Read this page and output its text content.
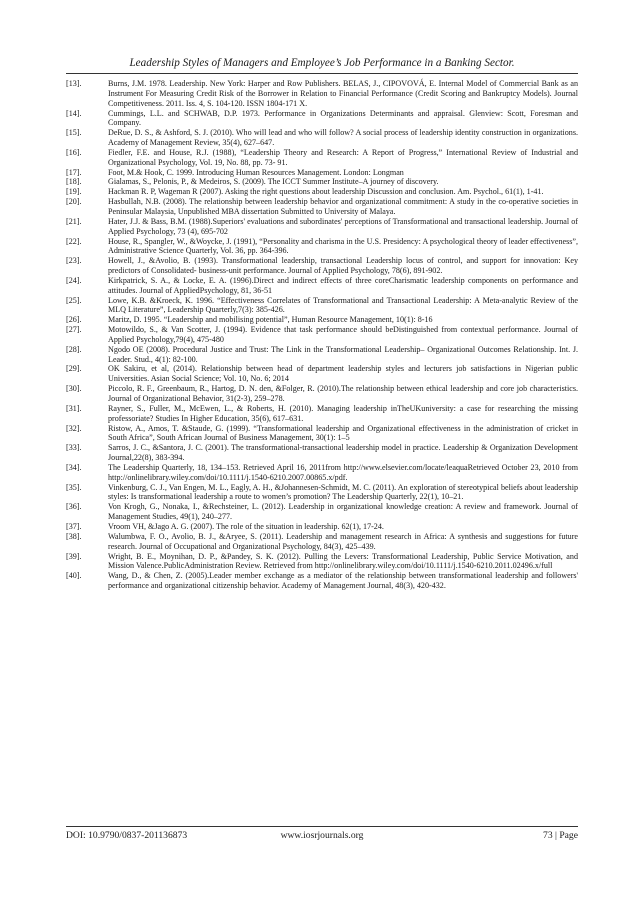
Leadership Styles of Managers and Employee’s Job Performance in a Banking Sector.
[13].	Burns, J.M. 1978. Leadership. New York: Harper and Row Publishers. BELAS, J., CIPOVOVÁ, E. Internal Model of Commercial Bank as an Instrument For Measuring Credit Risk of the Borrower in Relation to Financial Performance (Credit Scoring and Bankruptcy Models). Journal Competitiveness. 2011. Iss. 4, S. 104-120. ISSN 1804-171 X.
[14].	Cummings, L.L. and SCHWAB, D.P. 1973. Performance in Organizations Determinants and appraisal. Glenview: Scott, Foresman and Company.
[15].	DeRue, D. S., & Ashford, S. J. (2010). Who will lead and who will follow? A social process of leadership identity construction in organizations. Academy of Management Review, 35(4), 627–647.
[16].	Fiedler, F.E. and House, R.J. (1988), “Leadership Theory and Research: A Report of Progress,” International Review of Industrial and Organizational Psychology, Vol. 19, No. 88, pp. 73- 91.
[17].	Foot, M.& Hook, C. 1999. Introducing Human Resources Management. London: Longman
[18].	Gialamas, S., Pelonis, P., & Medeiros, S. (2009). The ICCT Summer Institute–A journey of discovery.
[19].	Hackman R. P, Wageman R (2007). Asking the right questions about leadership Discussion and conclusion. Am. Psychol., 61(1), 1-41.
[20].	Hasbullah, N.B. (2008). The relationship between leadership behavior and organizational commitment: A study in the co-operative societies in Peninsular Malaysia, Unpublished MBA dissertation Submitted to University of Malaya.
[21].	Hater, J.J. & Bass, B.M. (1988).Superiors' evaluations and subordinates' perceptions of Transformational and transactional leadership. Journal of Applied Psychology, 73 (4), 695-702
[22].	House, R., Spangler, W., &Woycke, J. (1991), “Personality and charisma in the U.S. Presidency: A psychological theory of leader effectiveness”, Administrative Science Quarterly, Vol. 36, pp. 364-396.
[23].	Howell, J., &Avolio, B. (1993). Transformational leadership, transactional Leadership locus of control, and support for innovation: Key predictors of Consolidated- business-unit performance. Journal of Applied Psychology, 78(6), 891-902.
[24].	Kirkpatrick, S. A., & Locke, E. A. (1996).Direct and indirect effects of three coreCharismatic leadership components on performance and attitudes. Journal of AppliedPsychology, 81, 36-51
[25].	Lowe, K.B. &Kroeck, K. 1996. “Effectiveness Correlates of Transformational and Transactional Leadership: A Meta-analytic Review of the MLQ Literature”, Leadership Quarterly,7(3): 385-426.
[26].	Maritz, D. 1995. “Leadership and mobilising potential”, Human Resource Management, 10(1): 8-16
[27].	Motowildo, S., & Van Scotter, J. (1994). Evidence that task performance should beDistinguished from contextual performance. Journal of Applied Psychology,79(4), 475-480
[28].	Ngodo OE (2008). Procedural Justice and Trust: The Link in the Transformational Leadership– Organizational Outcomes Relationship. Int. J. Leader. Stud., 4(1): 82-100.
[29].	OK Sakiru, et al, (2014). Relationship between head of department leadership styles and lecturers job satisfactions in Nigerian public Universities. Asian Social Science; Vol. 10, No. 6; 2014
[30].	Piccolo, R. F., Greenbaum, R., Hartog, D. N. den, &Folger, R. (2010).The relationship between ethical leadership and core job characteristics. Journal of Organizational Behavior, 31(2-3), 259–278.
[31].	Rayner, S., Fuller, M., McEwen, L., & Roberts, H. (2010). Managing leadership inTheUKuniversity: a case for researching the missing professoriate? Studies In Higher Education, 35(6), 617–631.
[32].	Ristow, A., Amos, T. &Staude, G. (1999). “Transformational leadership and Organizational effectiveness in the administration of cricket in South Africa”, South African Journal of Business Management, 30(1): 1–5
[33].	Sarros, J. C., &Santora, J. C. (2001). The transformational-transactional leadership model in practice. Leadership & Organization Development Journal,22(8), 383-394.
[34].	The Leadership Quarterly, 18, 134–153. Retrieved April 16, 2011from http://www.elsevier.com/locate/leaquaRetrieved October 23, 2010 from http://onlinelibrary.wiley.com/doi/10.1111/j.1540-6210.2007.00865.x/pdf.
[35].	Vinkenburg, C. J., Van Engen, M. L., Eagly, A. H., &Johannesen-Schmidt, M. C. (2011). An exploration of stereotypical beliefs about leadership styles: Is transformational leadership a route to women’s promotion? The Leadership Quarterly, 22(1), 10–21.
[36].	Von Krogh, G., Nonaka, I., &Rechsteiner, L. (2012). Leadership in organizational knowledge creation: A review and framework. Journal of Management Studies, 49(1), 240–277.
[37].	Vroom VH, &Jago A. G. (2007). The role of the situation in leadership. 62(1), 17-24.
[38].	Walumbwa, F. O., Avolio, B. J., &Aryee, S. (2011). Leadership and management research in Africa: A synthesis and suggestions for future research. Journal of Occupational and Organizational Psychology, 84(3), 425–439.
[39].	Wright, B. E., Moynihan, D. P., &Pandey, S. K. (2012). Pulling the Levers: Transformational Leadership, Public Service Motivation, and Mission Valence.PublicAdministration Review. Retrieved from http://onlinelibrary.wiley.com/doi/10.1111/j.1540-6210.2011.02496.x/full
[40].	Wang, D., & Chen, Z. (2005).Leader member exchange as a mediator of the relationship between transformational leadership and followers' performance and organizational citizenship behavior. Academy of Management Journal, 48(3), 420-432.
DOI: 10.9790/0837-201136873	www.iosrjournals.org	73 | Page
